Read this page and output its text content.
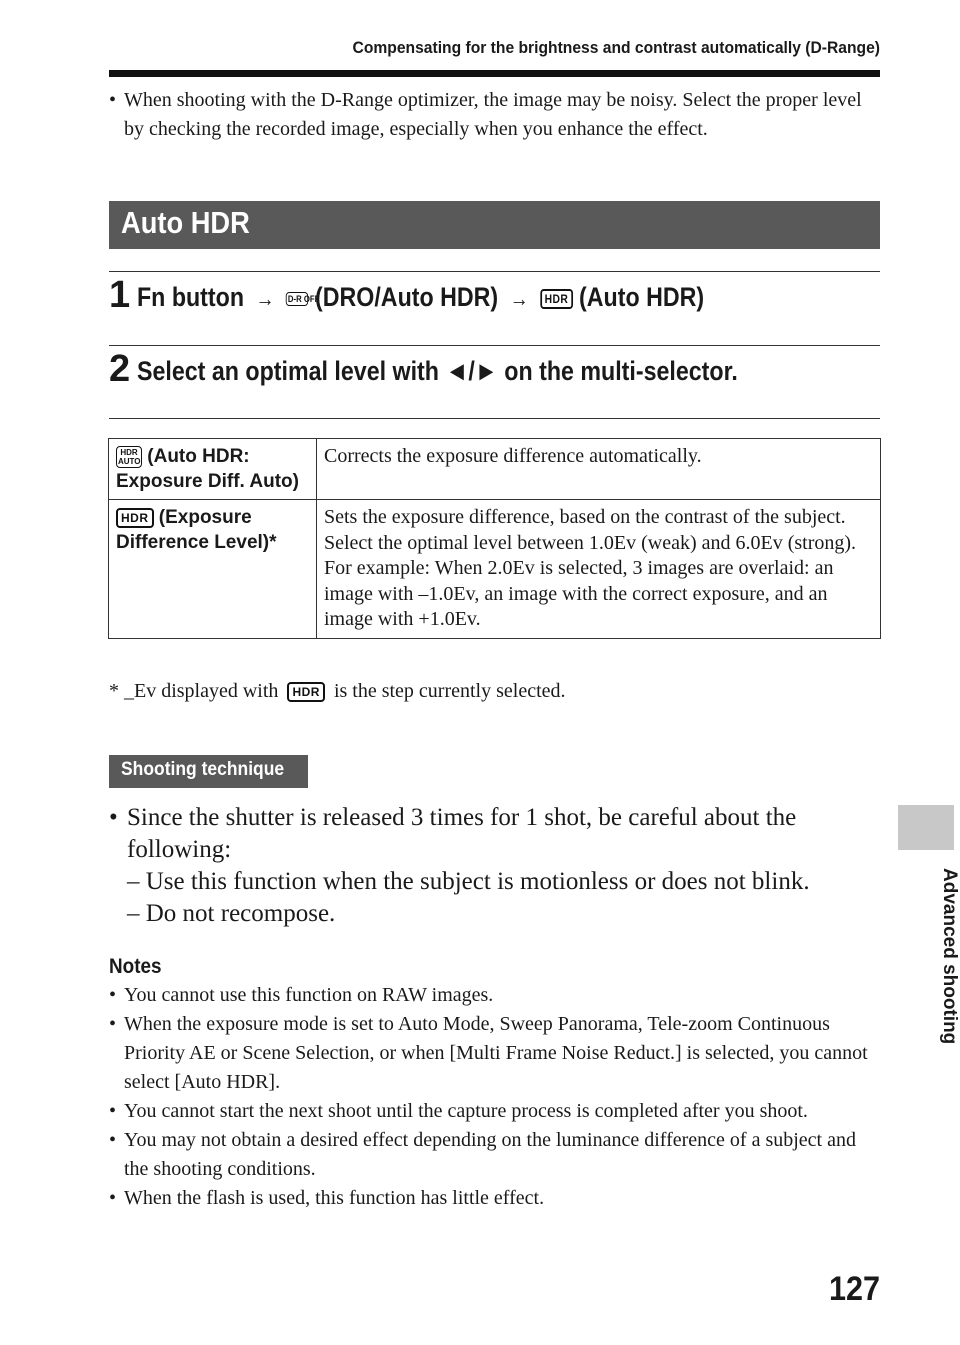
Compensating for the brightness and contrast automatically (D-Range)
• When shooting with the D-Range optimizer, the image may be noisy. Select the proper level by checking the recorded image, especially when you enhance the effect.
Auto HDR
1 Fn button → D-R OFF (DRO/Auto HDR) → HDR (Auto HDR)
2 Select an optimal level with ◄/► on the multi-selector.
HDR AUTO (Auto HDR: Exposure Diff. Auto)	Corrects the exposure difference automatically.

HDR (Exposure Difference Level)*	Sets the exposure difference, based on the contrast of the subject. Select the optimal level between 1.0Ev (weak) and 6.0Ev (strong).
For example: When 2.0Ev is selected, 3 images are overlaid: an image with –1.0Ev, an image with the correct exposure, and an image with +1.0Ev.
* _Ev displayed with HDR is the step currently selected.
Shooting technique
• Since the shutter is released 3 times for 1 shot, be careful about the following:
– Use this function when the subject is motionless or does not blink.
– Do not recompose.
Notes
• You cannot use this function on RAW images.
• When the exposure mode is set to Auto Mode, Sweep Panorama, Tele-zoom Continuous Priority AE or Scene Selection, or when [Multi Frame Noise Reduct.] is selected, you cannot select [Auto HDR].
• You cannot start the next shoot until the capture process is completed after you shoot.
• You may not obtain a desired effect depending on the luminance difference of a subject and the shooting conditions.
• When the flash is used, this function has little effect.
Advanced shooting
127
